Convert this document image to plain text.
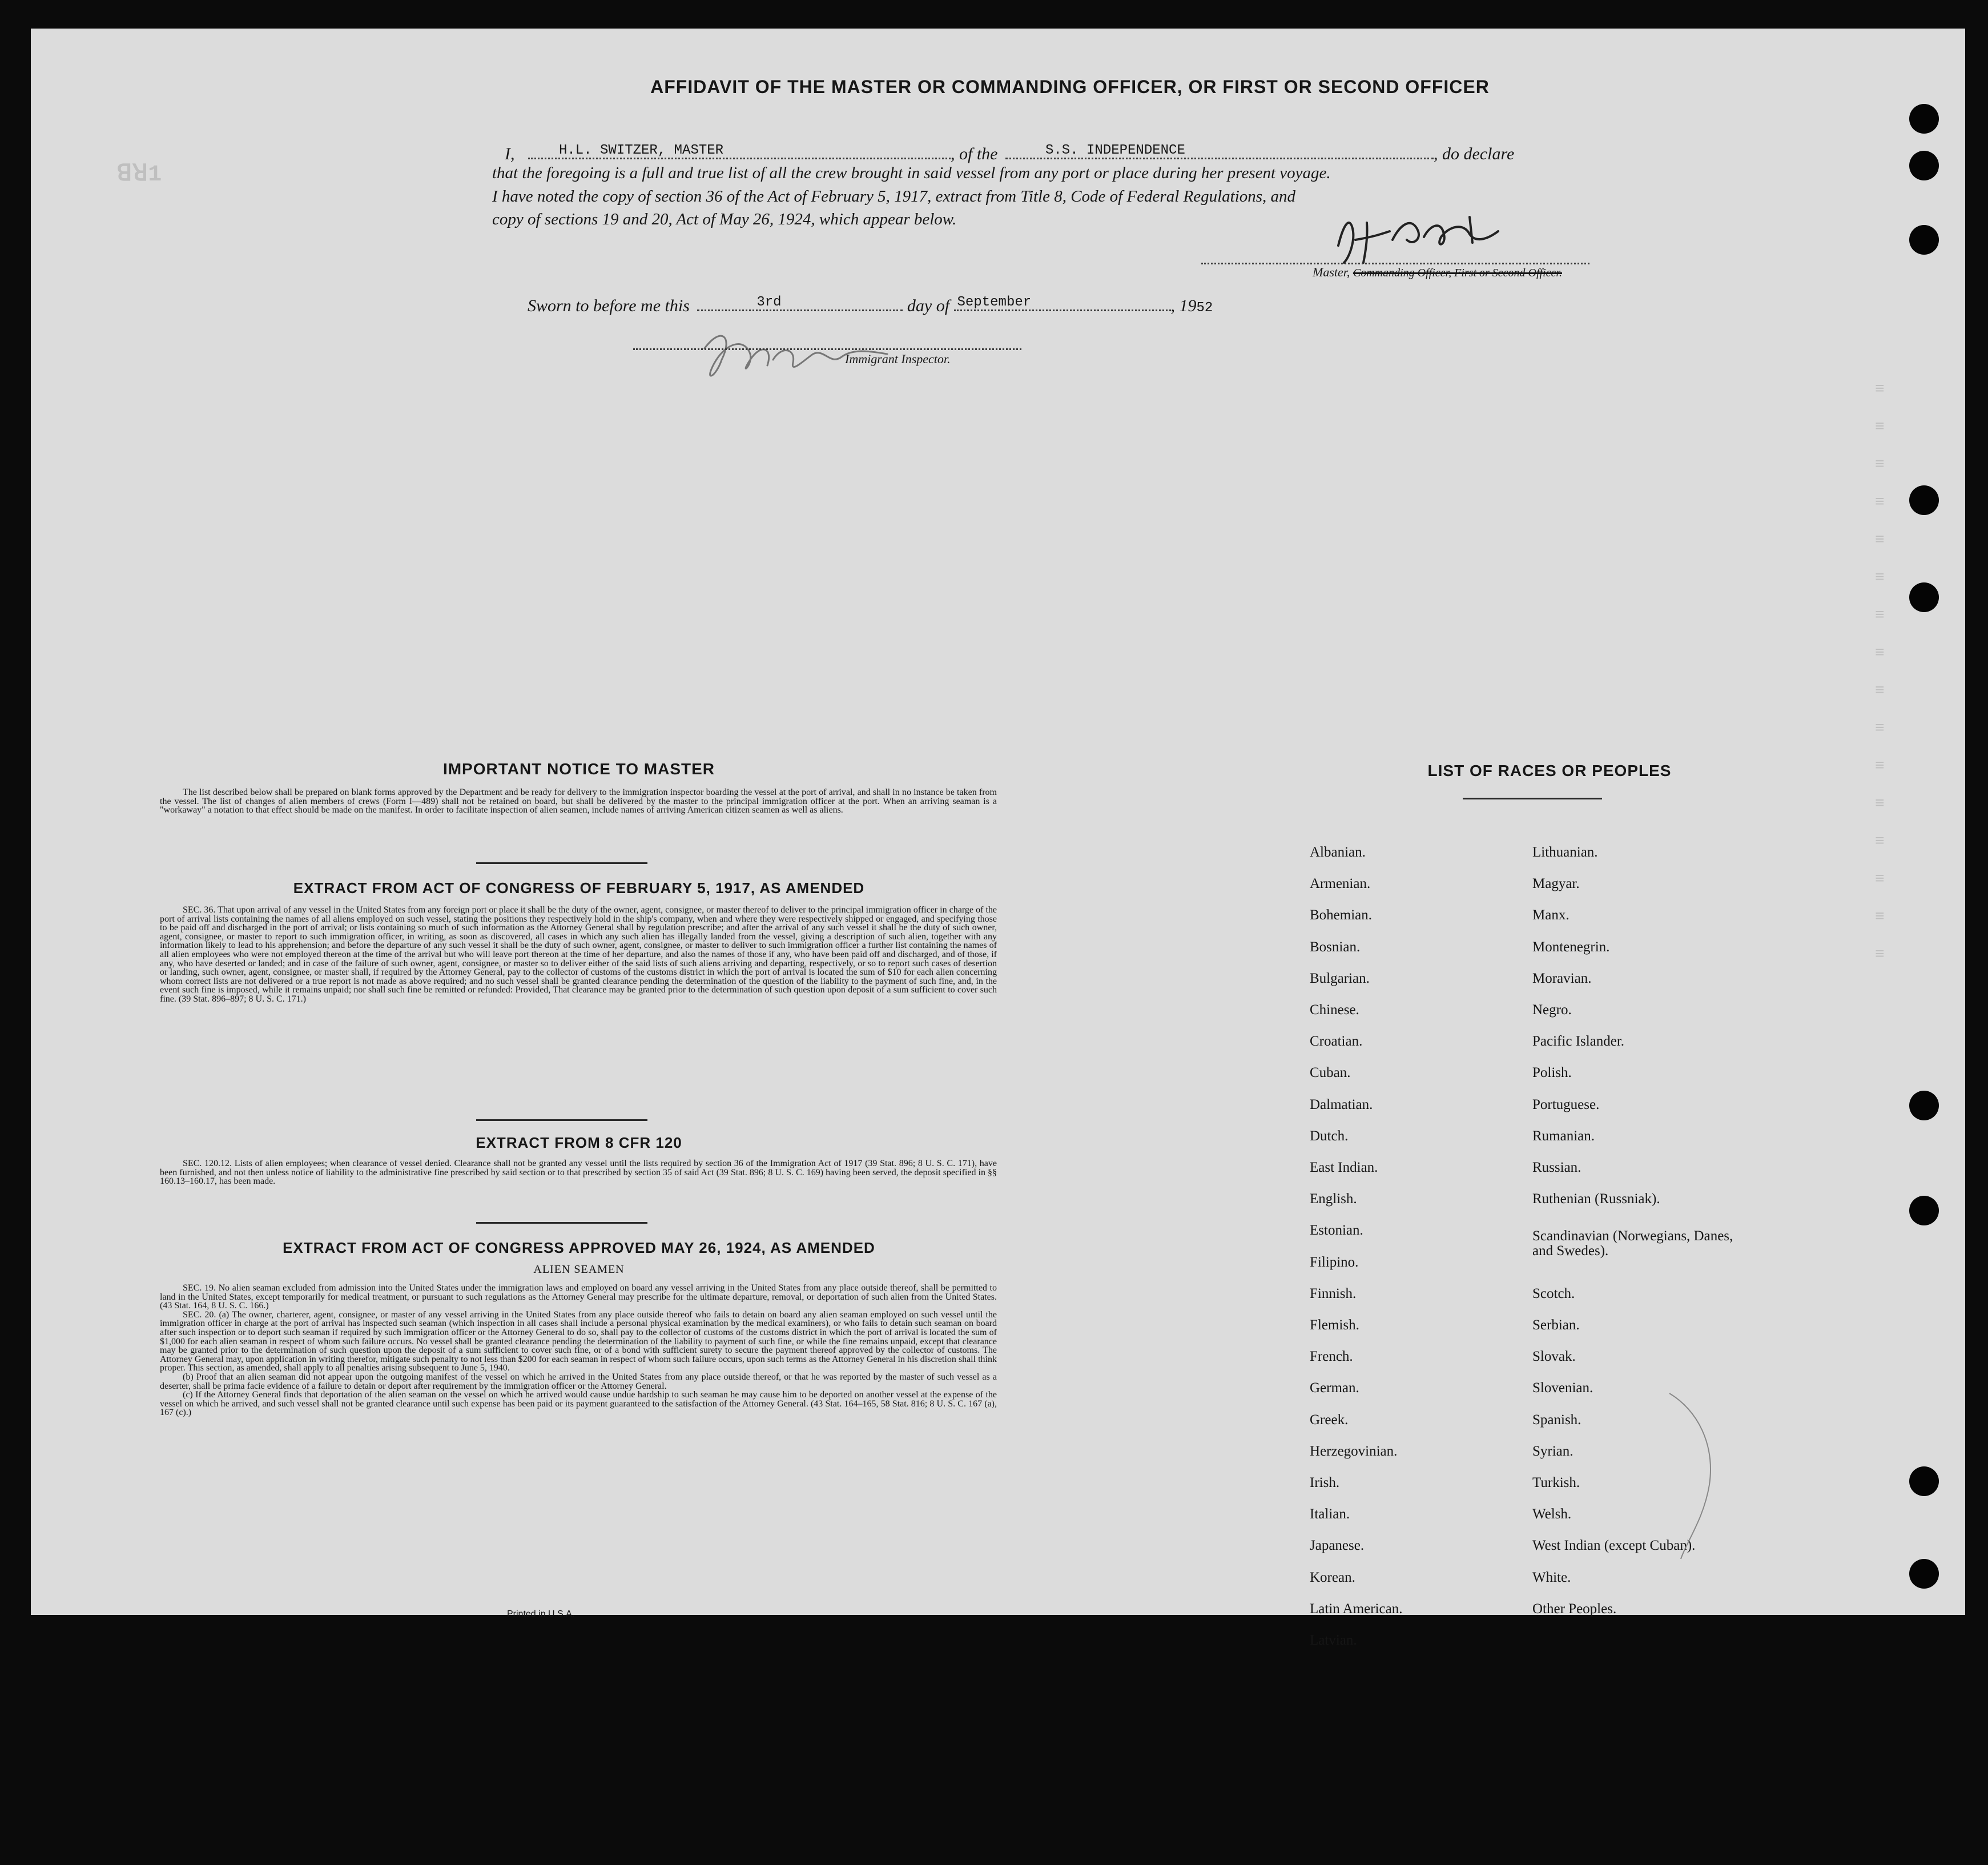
ꓭꓤ1
≡
≡
≡
≡
≡
≡
≡
≡
≡
≡
≡
≡
≡
≡
≡
≡
AFFIDAVIT OF THE MASTER OR COMMANDING OFFICER, OR FIRST OR SECOND OFFICER
I,	H.L. SWITZER, MASTER	, of the	S.S. INDEPENDENCE	, do declare
that the foregoing is a full and true list of all the crew brought in said vessel from any port or place during her present voyage.
I have noted the copy of section 36 of the Act of February 5, 1917, extract from Title 8, Code of Federal Regulations, and
copy of sections 19 and 20, Act of May 26, 1924, which appear below.
Master, Commanding Officer, First or Second Officer.
Sworn to before me this	3rd	day of September	, 1952
Immigrant Inspector.
IMPORTANT NOTICE TO MASTER

The list described below shall be prepared on blank forms approved by the Department and be ready for delivery to the immigration inspector boarding the vessel at the port of arrival, and shall in no instance be taken from the vessel. The list of changes of alien members of crews (Form I—489) shall not be retained on board, but shall be delivered by the master to the principal immigration officer at the port. When an arriving seaman is a "workaway" a notation to that effect should be made on the manifest. In order to facilitate inspection of alien seamen, include names of arriving American citizen seamen as well as aliens.

EXTRACT FROM ACT OF CONGRESS OF FEBRUARY 5, 1917, AS AMENDED

SEC. 36. That upon arrival of any vessel in the United States from any foreign port or place it shall be the duty of the owner, agent, consignee, or master thereof to deliver to the principal immigration officer in charge of the port of arrival lists containing the names of all aliens employed on such vessel, stating the positions they respectively hold in the ship's company, when and where they were respectively shipped or engaged, and specifying those to be paid off and discharged in the port of arrival; or lists containing so much of such information as the Attorney General shall by regulation prescribe; and after the arrival of any such vessel it shall be the duty of such owner, agent, consignee, or master to report to such immigration officer, in writing, as soon as discovered, all cases in which any such alien has illegally landed from the vessel, giving a description of such alien, together with any information likely to lead to his apprehension; and before the departure of any such vessel it shall be the duty of such owner, agent, consignee, or master to deliver to such immigration officer a further list containing the names of all alien employees who were not employed thereon at the time of the arrival but who will leave port thereon at the time of her departure, and also the names of those if any, who have been paid off and discharged, and of those, if any, who have deserted or landed; and in case of the failure of such owner, agent, consignee, or master so to deliver either of the said lists of such aliens arriving and departing, respectively, or so to report such cases of desertion or landing, such owner, agent, consignee, or master shall, if required by the Attorney General, pay to the collector of customs of the customs district in which the port of arrival is located the sum of $10 for each alien concerning whom correct lists are not delivered or a true report is not made as above required; and no such vessel shall be granted clearance pending the determination of the question of the liability to the payment of such fine, and, in the event such fine is imposed, while it remains unpaid; nor shall such fine be remitted or refunded: Provided, That clearance may be granted prior to the determination of such question upon deposit of a sum sufficient to cover such fine. (39 Stat. 896–897; 8 U. S. C. 171.)

EXTRACT FROM 8 CFR 120

SEC. 120.12. Lists of alien employees; when clearance of vessel denied. Clearance shall not be granted any vessel until the lists required by section 36 of the Immigration Act of 1917 (39 Stat. 896; 8 U. S. C. 171), have been furnished, and not then unless notice of liability to the administrative fine prescribed by said section or to that prescribed by section 35 of said Act (39 Stat. 896; 8 U. S. C. 169) having been served, the deposit specified in §§ 160.13–160.17, has been made.

EXTRACT FROM ACT OF CONGRESS APPROVED MAY 26, 1924, AS AMENDED
ALIEN SEAMEN

SEC. 19. No alien seaman excluded from admission into the United States under the immigration laws and employed on board any vessel arriving in the United States from any place outside thereof, shall be permitted to land in the United States, except temporarily for medical treatment, or pursuant to such regulations as the Attorney General may prescribe for the ultimate departure, removal, or deportation of such alien from the United States. (43 Stat. 164, 8 U. S. C. 166.)

SEC. 20. (a) The owner, charterer, agent, consignee, or master of any vessel arriving in the United States from any place outside thereof who fails to detain on board any alien seaman employed on such vessel until the immigration officer in charge at the port of arrival has inspected such seaman (which inspection in all cases shall include a personal physical examination by the medical examiners), or who fails to detain such seaman on board after such inspection or to deport such seaman if required by such immigration officer or the Attorney General to do so, shall pay to the collector of customs of the customs district in which the port of arrival is located the sum of $1,000 for each alien seaman in respect of whom such failure occurs. No vessel shall be granted clearance pending the determination of the liability to payment of such fine, or while the fine remains unpaid, except that clearance may be granted prior to the determination of such question upon the deposit of a sum sufficient to cover such fine, or of a bond with sufficient surety to secure the payment thereof approved by the collector of customs. The Attorney General may, upon application in writing therefor, mitigate such penalty to not less than $200 for each seaman in respect of whom such failure occurs, upon such terms as the Attorney General in his discretion shall think proper. This section, as amended, shall apply to all penalties arising subsequent to June 5, 1940.

(b) Proof that an alien seaman did not appear upon the outgoing manifest of the vessel on which he arrived in the United States from any place outside thereof, or that he was reported by the master of such vessel as a deserter, shall be prima facie evidence of a failure to detain or deport after requirement by the immigration officer or the Attorney General.

(c) If the Attorney General finds that deportation of the alien seaman on the vessel on which he arrived would cause undue hardship to such seaman he may cause him to be deported on another vessel at the expense of the vessel on which he arrived, and such vessel shall not be granted clearance until such expense has been paid or its payment guaranteed to the satisfaction of the Attorney General. (43 Stat. 164–165, 58 Stat. 816; 8 U. S. C. 167 (a), 167 (c).)

Printed in U.S.A.
LIST OF RACES OR PEOPLES
Albanian.
Armenian.
Bohemian.
Bosnian.
Bulgarian.
Chinese.
Croatian.
Cuban.
Dalmatian.
Dutch.
East Indian.
English.
Estonian.
Filipino.
Finnish.
Flemish.
French.
German.
Greek.
Herzegovinian.
Irish.
Italian.
Japanese.
Korean.
Latin American.
Latvian.
Lithuanian.
Magyar.
Manx.
Montenegrin.
Moravian.
Negro.
Pacific Islander.
Polish.
Portuguese.
Rumanian.
Russian.
Ruthenian (Russniak).
Scandinavian (Norwegians, Danes, and Swedes).
Scotch.
Serbian.
Slovak.
Slovenian.
Spanish.
Syrian.
Turkish.
Welsh.
West Indian (except Cuban).
White.
Other Peoples.
